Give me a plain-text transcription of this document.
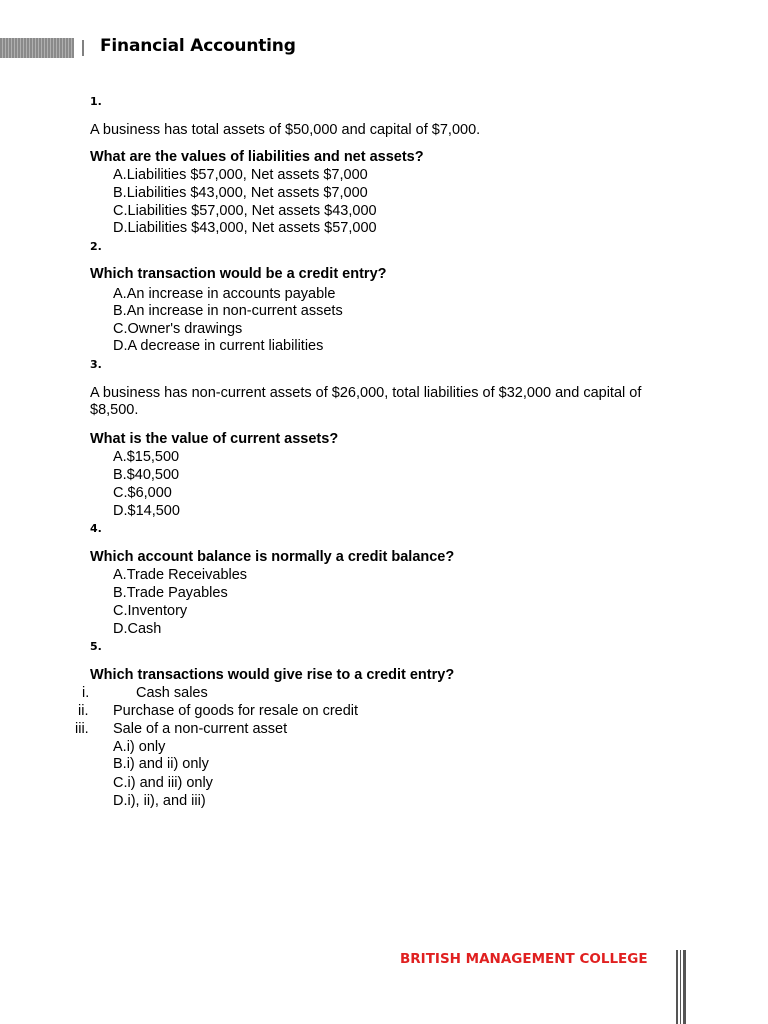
Financial Accounting
1.
A business has total assets of $50,000 and capital of $7,000.
What are the values of liabilities and net assets?
A.Liabilities $57,000, Net assets $7,000
B.Liabilities $43,000, Net assets $7,000
C.Liabilities $57,000, Net assets $43,000
D.Liabilities $43,000, Net assets $57,000
2.
Which transaction would be a credit entry?
A.An increase in accounts payable
B.An increase in non-current assets
C.Owner's drawings
D.A decrease in current liabilities
3.
A business has non-current assets of $26,000, total liabilities of $32,000 and capital of $8,500.
What is the value of current assets?
A.$15,500
B.$40,500
C.$6,000
D.$14,500
4.
Which account balance is normally a credit balance?
A.Trade Receivables
B.Trade Payables
C.Inventory
D.Cash
5.
Which transactions would give rise to a credit entry?
i.	Cash sales
ii. Purchase of goods for resale on credit
iii. Sale of a non-current asset
A.i) only
B.i) and ii) only
C.i) and iii) only
D.i), ii), and iii)
BRITISH MANAGEMENT COLLEGE
